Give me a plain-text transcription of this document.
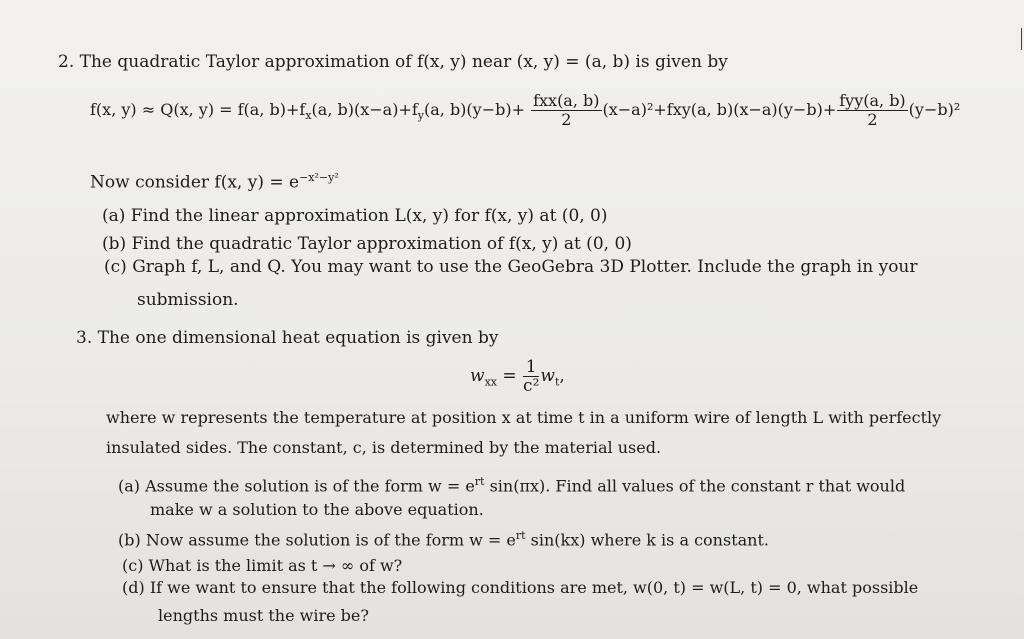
2. The quadratic Taylor approximation of f(x, y) near (x, y) = (a, b) is given by
f(x, y) ≈ Q(x, y) = f(a, $b)+f_x(a$, $b)(x-a)+f_y(a$, $b)(y-b)+ \frac{\text{fxx(a, b)}}{2} (x-a)^2+fxy(a$, $b)(x-a)(y-b)+ \frac{\text{fyy(a, b)}}{2} (y-b)^2$
Now consider f(x, $y) = e^{-x^2-y^2}$
(a) Find the linear approximation L(x, y) for f(x, y) at (0, 0)
(b) Find the quadratic Taylor approximation of f(x, y) at (0, 0)
(c) Graph f, L, and Q. You may want to use the GeoGebra 3D Plotter. Include the graph in your
submission.
3. The one dimensional heat equation is given by
$w_{xx} = \frac{1}{\text{c²}} w_t$,
where w represents the temperature at position x at time t in a uniform wire of length L with perfectly
insulated sides. The constant, c, is determined by the material used.
(a) Assume the solution is of the form $w = e^{rt}$ sin(πx). Find all values of the constant r that would
make w a solution to the above equation.
(b) Now assume the solution is of the form $w = e^{rt}$ sin(kx) where k is a constant.
(c) What is the limit as t → ∞ of w?
(d) If we want to ensure that the following conditions are met, w(0, t) = w(L, t) = 0, what possible
lengths must the wire be?
